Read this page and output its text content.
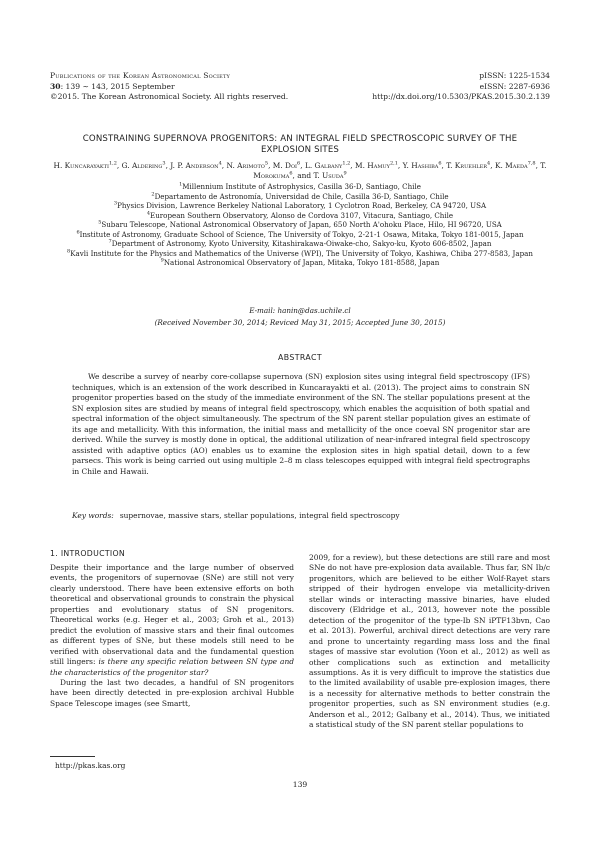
Publications of the Korean Astronomical Society
30: 139 ∼ 143, 2015 September
©2015. The Korean Astronomical Society. All rights reserved.
pISSN: 1225-1534
eISSN: 2287-6936
http://dx.doi.org/10.5303/PKAS.2015.30.2.139
CONSTRAINING SUPERNOVA PROGENITORS: AN INTEGRAL FIELD SPECTROSCOPIC SURVEY OF THE
EXPLOSION SITES
H. Kuncarayakti$^{1,2}$, G. Aldering$^3$, J. P. Anderson$^4$, N. Arimoto$^5$, M. Doi$^6$, L. Galbany$^{1,2}$, M. Hamuy$^{2,1}$, Y. Hashiba$^6$, T. Kruehler$^4$, K. Maeda$^{7,8}$, T. Morokuma$^6$, and T. Usuda$^9$
$^1$Millennium Institute of Astrophysics, Casilla 36-D, Santiago, Chile
$^2$Departamento de Astronomía, Universidad de Chile, Casilla 36-D, Santiago, Chile
$^3$Physics Division, Lawrence Berkeley National Laboratory, 1 Cyclotron Road, Berkeley, CA 94720, USA
$^4$European Southern Observatory, Alonso de Cordova 3107, Vitacura, Santiago, Chile
$^5$Subaru Telescope, National Astronomical Observatory of Japan, 650 North A'ohoku Place, Hilo, HI 96720, USA
$^6$Institute of Astronomy, Graduate School of Science, The University of Tokyo, 2-21-1 Osawa, Mitaka, Tokyo 181-0015, Japan
$^7$Department of Astronomy, Kyoto University, Kitashirakawa-Oiwake-cho, Sakyo-ku, Kyoto 606-8502, Japan
$^8$Kavli Institute for the Physics and Mathematics of the Universe (WPI), The University of Tokyo, Kashiwa, Chiba 277-8583, Japan
$^9$National Astronomical Observatory of Japan, Mitaka, Tokyo 181-8588, Japan
E-mail: hanin@das.uchile.cl
(Received November 30, 2014; Reviced May 31, 2015; Accepted June 30, 2015)
ABSTRACT
We describe a survey of nearby core-collapse supernova (SN) explosion sites using integral field spectroscopy (IFS) techniques, which is an extension of the work described in Kuncarayakti et al. (2013). The project aims to constrain SN progenitor properties based on the study of the immediate environment of the SN. The stellar populations present at the SN explosion sites are studied by means of integral field spectroscopy, which enables the acquisition of both spatial and spectral information of the object simultaneously. The spectrum of the SN parent stellar population gives an estimate of its age and metallicity. With this information, the initial mass and metallicity of the once coeval SN progenitor star are derived. While the survey is mostly done in optical, the additional utilization of near-infrared integral field spectroscopy assisted with adaptive optics (AO) enables us to examine the explosion sites in high spatial detail, down to a few parsecs. This work is being carried out using multiple 2–8 m class telescopes equipped with integral field spectrographs in Chile and Hawaii.
Key words: supernovae, massive stars, stellar populations, integral field spectroscopy
1. INTRODUCTION

Despite their importance and the large number of observed events, the progenitors of supernovae (SNe) are still not very clearly understood. There have been extensive efforts on both theoretical and observational grounds to constrain the physical properties and evolutionary status of SN progenitors. Theoretical works (e.g. Heger et al., 2003; Groh et al., 2013) predict the evolution of massive stars and their final outcomes as different types of SNe, but these models still need to be verified with observational data and the fundamental question still lingers: is there any specific relation between SN type and the characteristics of the progenitor star?

During the last two decades, a handful of SN progenitors have been directly detected in pre-explosion archival Hubble Space Telescope images (see Smartt,

2009, for a review), but these detections are still rare and most SNe do not have pre-explosion data available. Thus far, SN Ib/c progenitors, which are believed to be either Wolf-Rayet stars stripped of their hydrogen envelope via metallicity-driven stellar winds or interacting massive binaries, have eluded discovery (Eldridge et al., 2013, however note the possible detection of the progenitor of the type-Ib SN iPTF13bvn, Cao et al. 2013). Powerful, archival direct detections are very rare and prone to uncertainty regarding mass loss and the final stages of massive star evolution (Yoon et al., 2012) as well as other complications such as extinction and metallicity assumptions. As it is very difficult to improve the statistics due to the limited availability of usable pre-explosion images, there is a necessity for alternative methods to better constrain the progenitor properties, such as SN environment studies (e.g. Anderson et al., 2012; Galbany et al., 2014). Thus, we initiated a statistical study of the SN parent stellar populations to

http://pkas.kas.org
139
